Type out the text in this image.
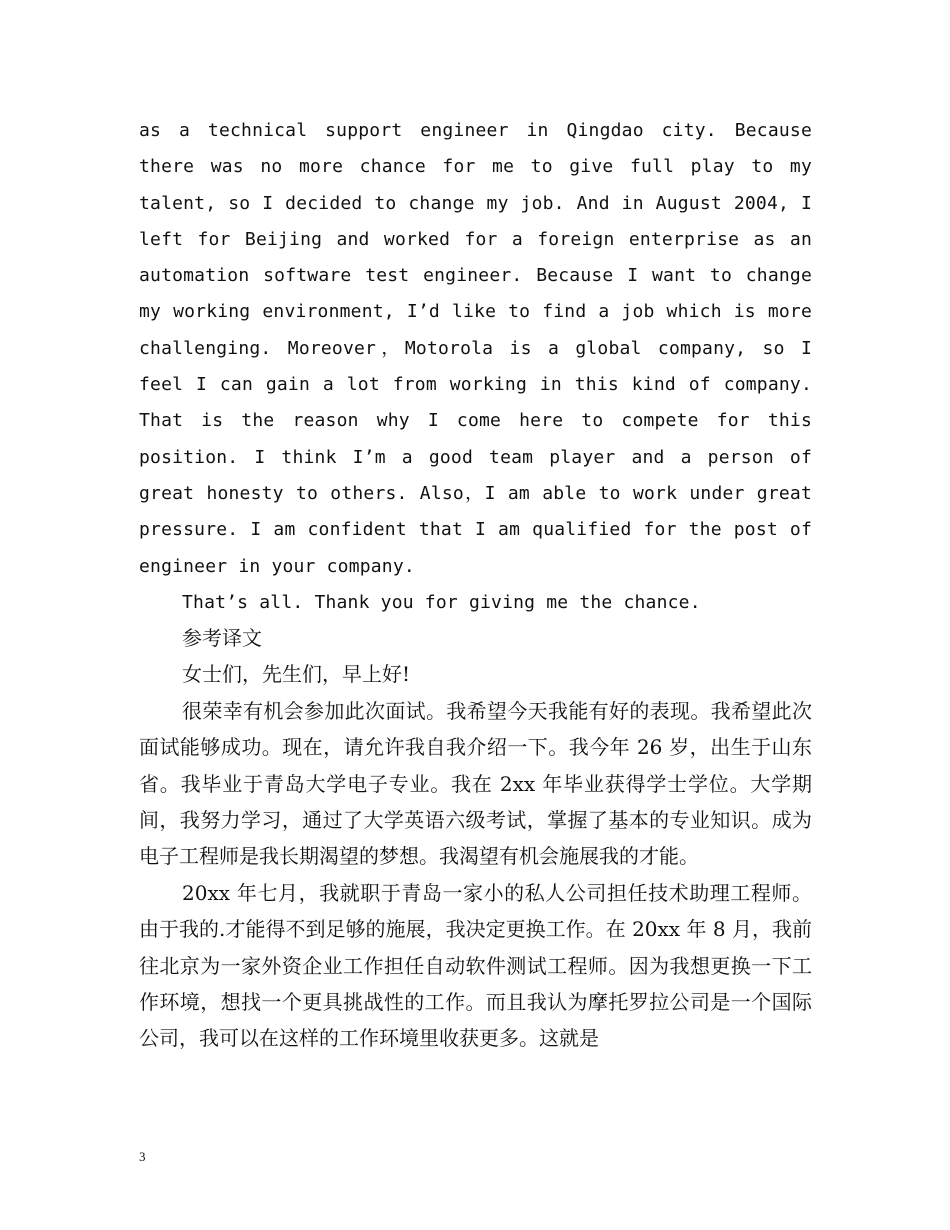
as a technical support engineer in Qingdao city. Because there was no more chance for me to give full play to my talent, so I decided to change my job. And in August 2004, I left for Beijing and worked for a foreign enterprise as an automation software test engineer. Because I want to change my working environment, I’d like to find a job which is more challenging. Moreover，Motorola is a global company, so I feel I can gain a lot from working in this kind of company. That is the reason why I come here to compete for this position. I think I’m a good team player and a person of great honesty to others. Also，I am able to work under great pressure. I am confident that I am qualified for the post of engineer in your company.

That’s all. Thank you for giving me the chance.

参考译文

女士们，先生们，早上好!

很荣幸有机会参加此次面试。我希望今天我能有好的表现。我希望此次面试能够成功。现在，请允许我自我介绍一下。我今年 26 岁，出生于山东省。我毕业于青岛大学电子专业。我在 2xx 年毕业获得学士学位。大学期间，我努力学习，通过了大学英语六级考试，掌握了基本的专业知识。成为电子工程师是我长期渴望的梦想。我渴望有机会施展我的才能。

20xx 年七月，我就职于青岛一家小的私人公司担任技术助理工程师。由于我的.才能得不到足够的施展，我决定更换工作。在 20xx 年 8 月，我前往北京为一家外资企业工作担任自动软件测试工程师。因为我想更换一下工作环境，想找一个更具挑战性的工作。而且我认为摩托罗拉公司是一个国际公司，我可以在这样的工作环境里收获更多。这就是

3
